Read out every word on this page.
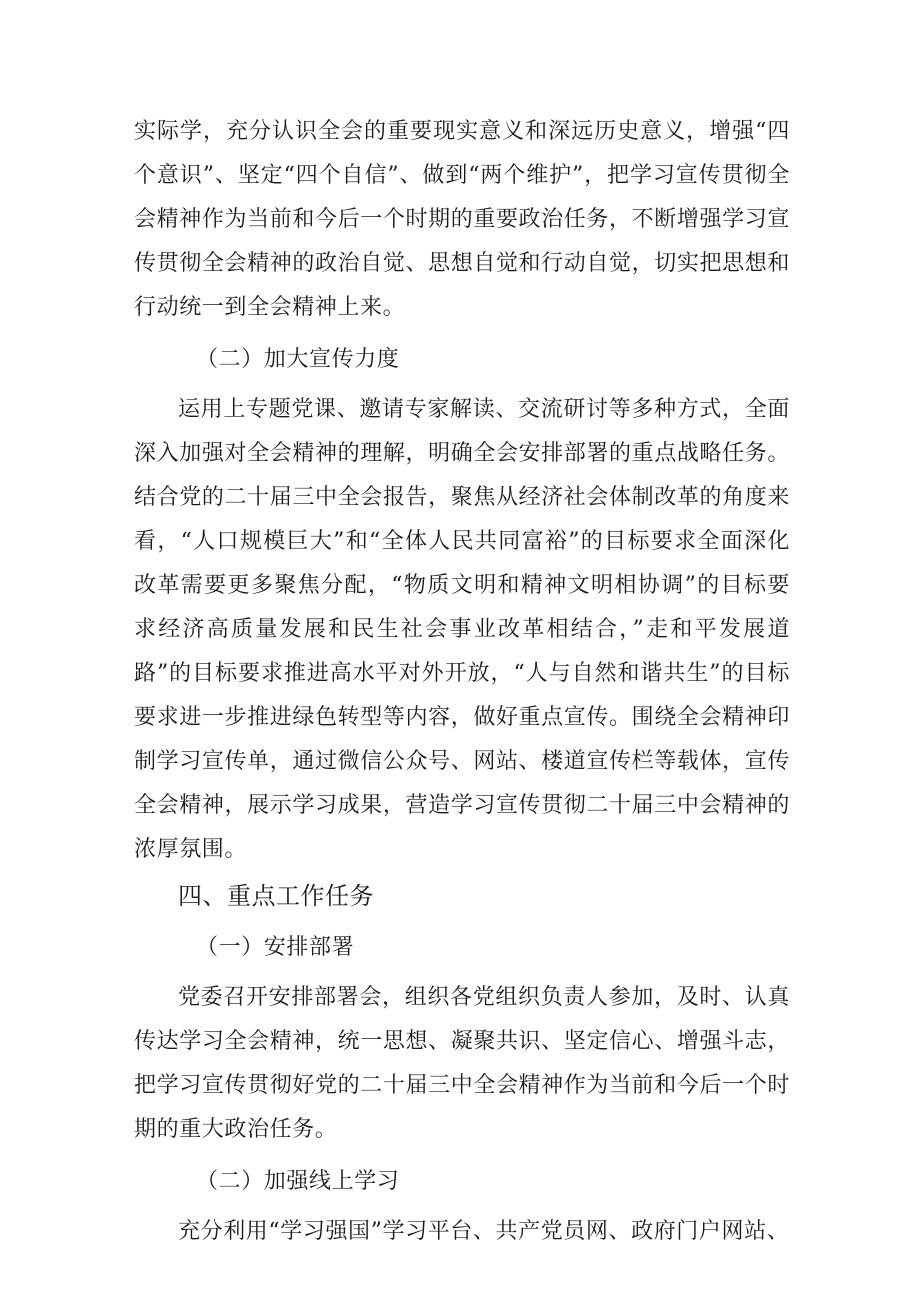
实际学，充分认识全会的重要现实意义和深远历史意义，增强“四个意识”、坚定“四个自信”、做到“两个维护”，把学习宣传贯彻全会精神作为当前和今后一个时期的重要政治任务，不断增强学习宣传贯彻全会精神的政治自觉、思想自觉和行动自觉，切实把思想和行动统一到全会精神上来。

（二）加大宣传力度

运用上专题党课、邀请专家解读、交流研讨等多种方式，全面深入加强对全会精神的理解，明确全会安排部署的重点战略任务。结合党的二十届三中全会报告，聚焦从经济社会体制改革的角度来看，“人口规模巨大”和“全体人民共同富裕”的目标要求全面深化改革需要更多聚焦分配，“物质文明和精神文明相协调”的目标要求经济高质量发展和民生社会事业改革相结合，”走和平发展道路”的目标要求推进高水平对外开放，“人与自然和谐共生”的目标要求进一步推进绿色转型等内容，做好重点宣传。围绕全会精神印制学习宣传单，通过微信公众号、网站、楼道宣传栏等载体，宣传全会精神，展示学习成果，营造学习宣传贯彻二十届三中会精神的浓厚氛围。

四、重点工作任务

（一）安排部署

党委召开安排部署会，组织各党组织负责人参加，及时、认真传达学习全会精神，统一思想、凝聚共识、坚定信心、增强斗志，把学习宣传贯彻好党的二十届三中全会精神作为当前和今后一个时期的重大政治任务。

（二）加强线上学习

充分利用“学习强国”学习平台、共产党员网、政府门户网站、
